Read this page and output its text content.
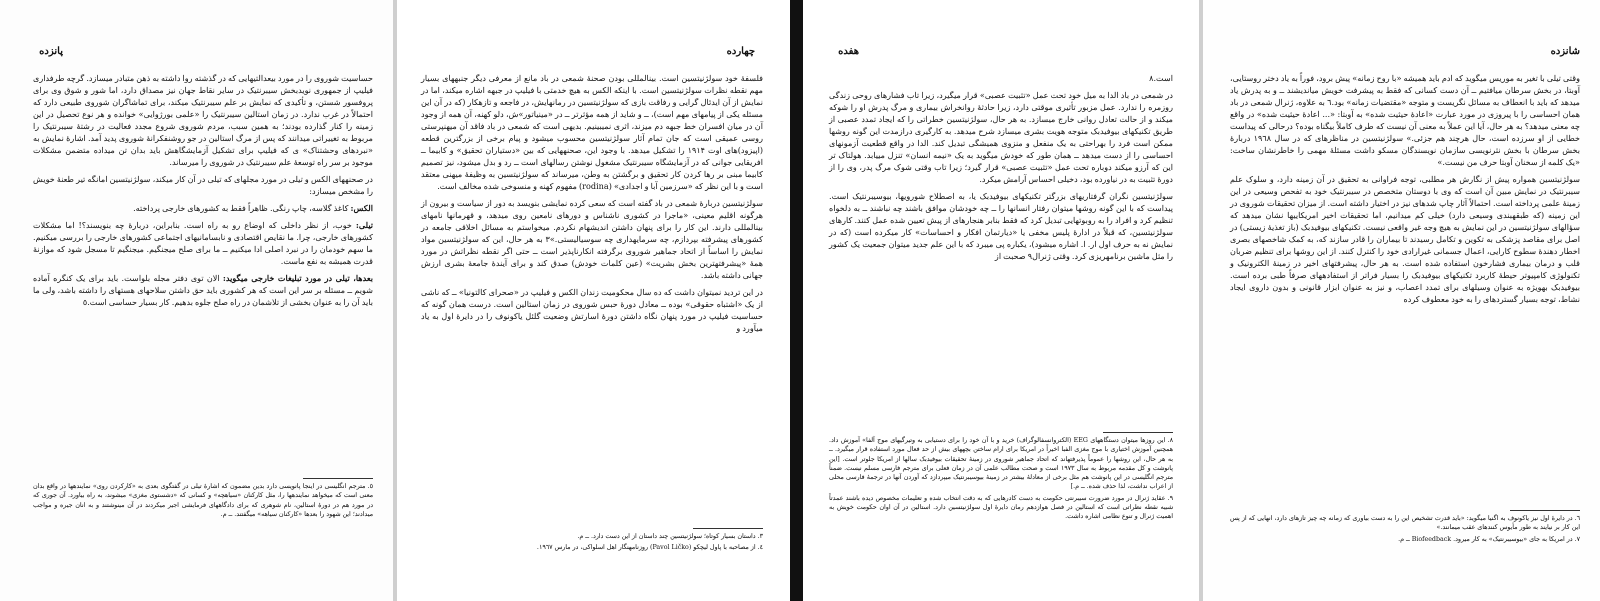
پانزده

حساسیت شوروی را در مورد بیعدالتیهایی که در گذشته روا داشته به ذهن متبادر میسازد. گرچه طرفداری فیلیپ از جمهوری نویدبخش سیبرنتیک در سایر نقاط جهان نیز مصداق دارد، اما شور و شوق وی برای پروفسور شستن، و تأکیدی که نمایش بر علم سیبرنتیک میکند، برای تماشاگران شوروی طبیعی دارد که احتمالاً در غرب ندارد. در زمان استالین سیبرنتیک را «علمی بورژوایی» خوانده و هر نوع تحصیل در این زمینه را کنار گذارده بودند؛ به همین سبب، مردم شوروی شروع مجدد فعالیت در رشتهٔ سیبرنتیک را مربوط به تغییراتی میدانند که پس از مرگ استالین در جو روشنفکرانهٔ شوروی پدید آمد. اشارهٔ نمایش به «نبردهای وحشتناک» ی که فیلیپ برای تشکیل آزمایشگاهش باید بدان تن میداده متضمن مشکلات موجود بر سر راه توسعهٔ علم سیبرنتیک در شوروی را میرساند.

در صحنههای الکس و تیلی در مورد مجلهای که تیلی در آن کار میکند، سولژنیتسین امانگه تیر طعنهٔ خویش را مشخص میسازد:

الکس: کاغذ گلاسه، چاپ رنگی. ظاهراً فقط به کشورهای خارجی پرداخته.

تیلی: خوب، از نظر داخلی که اوضاع رو به راه است. بنابراین، دربارهٔ چه بنویسند؟! اما مشکلات کشورهای خارجی، چرا. ما نقایص اقتصادی و نابسامانیهای اجتماعی کشورهای خارجی را بررسی میکنیم. ما سهم خودمان را در نبرد اصلی ادا میکنیم ــ ما برای صلح میجنگیم. میجنگیم تا مسجل شود که موازنهٔ قدرت همیشه به نفع ماست.

بعدها، تیلی در مورد تبلیغات خارجی میگوید: الان توی دفتر مجله بلواست. باید برای یک کنگره آماده شویم ــ مسئله بر سر این است که هر کشوری باید حق داشتن سلاحهای هستهای را داشته باشد، ولی ما باید آن را به عنوان بخشی از تلاشمان در راه صلح جلوه بدهیم. کار بسیار حساسی است.٥

٥. مترجم انگلیسی در اینجا پانویسی دارد بدین مضمون که اشارهٔ تیلی در گفتگوی بعدی به «کارکردن روی» نمایندهها در واقع بدان معنی است که میخواهد نمایندهها را، مثل کارکنان «سیاهچه» و کسانی که «دشستوی مغزی» میشوند، به راه بیاورد. آن جوری که در مورد هم در دورهٔ استالین، نام شوهری که برای دادگاههای فرمایشی اجیر میکردند در آن مینوشتند و به انان جیره و مواجب میدادند؛ این شهود را بعدها «کارکنان سیاهه» میگفتند. ــ م.

چهارده

فلسفهٔ خود سولژنیتسین است. بینالمللی بودن صحنهٔ شمعی در باد مانع از معرفی دیگر جنبههای بسیار مهم نقطه نظرات سولژنیتسین است. با اینکه الکس به هیچ خدمتی با فیلیپ در جبهه اشاره میکند، اما در نمایش از آن ایدئال گرایی و رفاقت بازی که سولژنیتسین در رمانهایش، در فاجعه و تازهکار (که در آن این مسئله یکی از پیامهای مهم است)، ــ و شاید از همه مؤثرتر ــ در «مینیاتور»ش، دلو کهنه، آن همه از وجود آن در میان افسران خط جبهه دم میزند، اثری نمیبینیم. بدیهی است که شمعی در باد فاقد آن میهنپرستی روسی عمیقی است که جان تمام آثار سولژنیتسین محسوب میشود و پیام برخی از بزرگترین قطعه (اپیزود)های اوت ۱۹۱۴ را تشکیل میدهد. با وجود این، صحنههایی که بین «دستیاران تحقیق» و کابیما ــ افریقایی جوانی که در آزمایشگاه سیبرنتیک مشغول نوشتن رسالهای است ــ رد و بدل میشود، نیز تصمیم کابیما مبنی بر رها کردن کار تحقیق و برگشتن به وطن، میرساند که سولژنیتسین به وظیفهٔ میهنی معتقد است و با این نظر که «سرزمین آبا و اجدادی» (rodina) مفهوم کهنه و منسوخی شده مخالف است.

سولژنیتسین دربارهٔ شمعی در باد گفته است که سعی کرده نمایشی بنویسد به دور از سیاست و بیرون از هرگونه اقلیم معینی، «ماجرا در کشوری ناشناس و دورهای نامعین روی میدهد، و قهرمانها نامهای بینالمللی دارند. این کار را برای پنهان داشتن اندیشهام نکردم. میخواستم به مسائل اخلاقی جامعه در کشورهای پیشرفته بپردازم، چه سرمایهداری چه سوسیالیستی.»۳ به هر حال، این که سولژنیتسین مواد نمایش را اساساً از اتحاد جماهیر شوروی برگرفته انکارناپذیر است ــ حتی اگر نقطه نظراتش در مورد همهٔ «پیشرفتهترین بخش بشریت» (عین کلمات خودش) صدق کند و برای آیندهٔ جامعهٔ بشری ارزش جهانی داشته باشد.

در این تردید نمیتوان داشت که ده سال محکومیت زندان الکس و فیلیپ در «صحرای کالتونیا» ــ که ناشی از یک «اشتباه حقوقی» بوده ــ معادل دورهٔ حبس شوروی در زمان استالین است. درست همان گونه که حساسیت فیلیپ در مورد پنهان نگاه داشتن دورهٔ اسارتش وضعیت گلئل یاکونوف را در دایرهٔ اول به یاد میآورد و

۳. داستان بسیار کوتاه؛ سولژنیتسین چند داستان از این دست دارد. ــ م.

٤. از مصاحبه با پاول لیچکو (Pavol Ličko) روزنامهنگار اهل اسلواکی، در مارس ۱۹٦۷.

هفده

است.٨

در شمعی در باد الدا به میل خود تحت عمل «تثبیت عصبی» قرار میگیرد، زیرا تاب فشارهای روحی زندگی روزمره را ندارد. عمل مزبور تأثیری موقتی دارد، زیرا حادثهٔ روانخراش بیماری و مرگ پدرش او را شوکه میکند و از حالت تعادل روانی خارج میسازد. به هر حال، سولژنیتسین خطراتی را که ایجاد تمدد عصبی از طریق تکنیکهای بیوفیدبک متوجه هویت بشری میسازد شرح میدهد. به کارگیری درازمدت این گونه روشها ممکن است فرد را بهراحتی به یک منفعل و منزوی همیشگی تبدیل کند. الدا در واقع قطعیت آزمونهای احساسی را از دست میدهد ــ همان طور که خودش میگوید به یک «نیمه انسان» تنزل مییابد. هولتاک تر این که آرزو میکند دوباره تحت عمل «تثبیت عصبی» قرار گیرد؛ زیرا تاب وقتی شوک مرگ پدر، وی را از دورهٔ تثبیت به در نیاورده بود، دخیلی احساس آرامش میکرد.

سولژنیتسین نگران گرفتاریهای بزرگتر تکنیکهای بیوفیدبک یا، به اصطلاح شورویها، بیوسیبرنتیک است. پیداست که با این گونه روشها میتوان رفتار انسانها را ــ چه خودشان موافق باشند چه نباشند ــ به دلخواه تنظیم کرد و افراد را به روبوتهایی تبدیل کرد که فقط بنابر هنجارهای از پیش تعیین شده عمل کنند. کارهای سولژنیتسین، که قبلاً در ادارهٔ پلیس مخفی یا «دیارتمان افکار و احساسات» کار میکرده است (که در نمایش نه به حرف اول ار. ا. اشاره میشود)، یکباره پی میبرد که با این علم جدید میتوان جمعیت یک کشور را مثل ماشین برنامهریزی کرد. وقتی ژنرال٩ صحبت از

٨. این روزها میتوان دستگاههای EEG (الکتروانسفالوگراف) خرید و با آن خود را برای دستیابی به وتیرگیهای موج آلفا» آموزش داد. همچنین آموزش اختیاری با موج مغزی الفبا اخیراً در امریکا برای ارام ساختن بچههای بیش از حد فعال مورد استفاده قرار میگیرد. ــ به هر حال، این روشها را عموماً پذیرفتهاند که اتحاد جماهیر شوروی در زمینهٔ تحقیقات بیوفیدبک سالها از امریکا جلوتر است. [این پانوشت و کل مقدمه مربوط به سال ۱۹۷۳ است و صحت مطالب علمی آن در زمان فعلی برای مترجم فارسی مسلم نیست. ضمناً مترجم انگلیسی در این پانوشت هم مثل برخی از معادلهٔ بیشتر در زمینهٔ بیوسیبرنتیک میپردازد که آوردن آنها در ترجمهٔ فارسی محلی از اعراب نداشت، لذا حذف شده. ــ م.]

٩. عقاید ژنرال در مورد ضرورت سیبرنتی حکومت به دست کادرهایی که به دقت انتخاب شده و تعلیمات مخصوص دیده باشند عمدتاً شبیه نقطه نظراتی است که استالین در فصل هوازدهم رمان دایرهٔ اول سولژنیتسین دارد. استالین در آن اوان حکومت خویش به اهمیت ژنرال و تنوع نظامی اشاره داشت.

شانزده

وقتی تیلی با تغیر به موریس میگوید که ادم باید همیشه «با روح زمانه» پیش برود، فوراً به یاد دختر روستایی، آوبتا، در بخش سرطان میافتیم ــ آن دست کسانی که فقط به پیشرفت خویش میاندیشند ــ و به پدرش یاد میدهد که باید با انعطاف به مسائل نگریست و متوجه «مقتضیات زمانه» بود.٦ به علاوه، ژنرال شمعی در باد همان احساسی را با پیروزی در مورد عبارت «اعادهٔ حیثیت شده» به آوبتا: «... اعادهٔ حیثیت شده» در واقع چه معنی میدهد؟ به هر حال، آیا این عملاً به معنی آن نیست که طرف کاملاً بیگناه بوده؟ درحالی که پیداست خطایی از او سرزده است، حال هرچند هم جزئی.» سولژنیتسین در مناظرهای که در سال ۱۹٦۸ دربارهٔ بخش سرطان با بخش نثرنویسی سازمان نویسندگان مسکو داشت مسئلهٔ مهمی را خاطرنشان ساخت: «یک کلمه از سخنان آوبتا حرف من نیست.»

سولژنیتسین همواره پیش از نگارش هر مطلبی، توجه فراوانی به تحقیق در آن زمینه دارد، و سلوک علم سیبرنتیک در نمایش مبین آن است که وی با دوستان متخصص در سیبرنتیک خود به تفحص وسیعی در این زمینهٔ علمی پرداخته است. احتمالاً آثار چاپ شدهای نیز در اختیار داشته است. از میزان تحقیقات شوروی در این زمینه (که طبقهبندی وسیعی دارد) خیلی کم میدانیم، اما تحقیقات اخیر امریکاییها نشان میدهد که سؤالهای سولژنیتسین در این نمایش به هیچ وجه غیر واقعی نیست. تکنیکهای بیوفیدبک (باز تغذیهٔ زیستی) در اصل برای مقاصد پزشکی به تکوین و تکامل رسیدند تا بیماران را قادر سازند که، به کمک شاخصهای بصری اخطار دهندهٔ سطوح کارایی، اعمال جسمانی غیرارادی خود را کنترل کنند. از این روشها برای تنظیم ضربان قلب و درمان بیماری فشارخون استفاده شده است. به هر حال، پیشرفتهای اخیر در زمینهٔ الکترونیک و تکنولوژی کامپیوتر حیطهٔ کاربرد تکنیکهای بیوفیدبک را بسیار فراتر از استفادههای صرفاً طبی برده است. بیوفیدبک بهویژه به عنوان وسیلهای برای تمدد اعصاب، و نیز به عنوان ابزار قانونی و بدون داروی ایجاد نشاط، توجه بسیار گستردهای را به خود معطوف کرده

٦. در دایرهٔ اول نیز یاکونوف به اگنیا میگوید: «باید قدرت تشخیص این را به دست بیاوری که زمانه چه چیز تازهای دارد، انهایی که از پس این کار بر نیایند به طور مأیوس کنندهای عقب میمانند.»

٧. در امریکا به جای «بیوسیبرنتیک» به کار میرود. Biofeedback ــ م.
